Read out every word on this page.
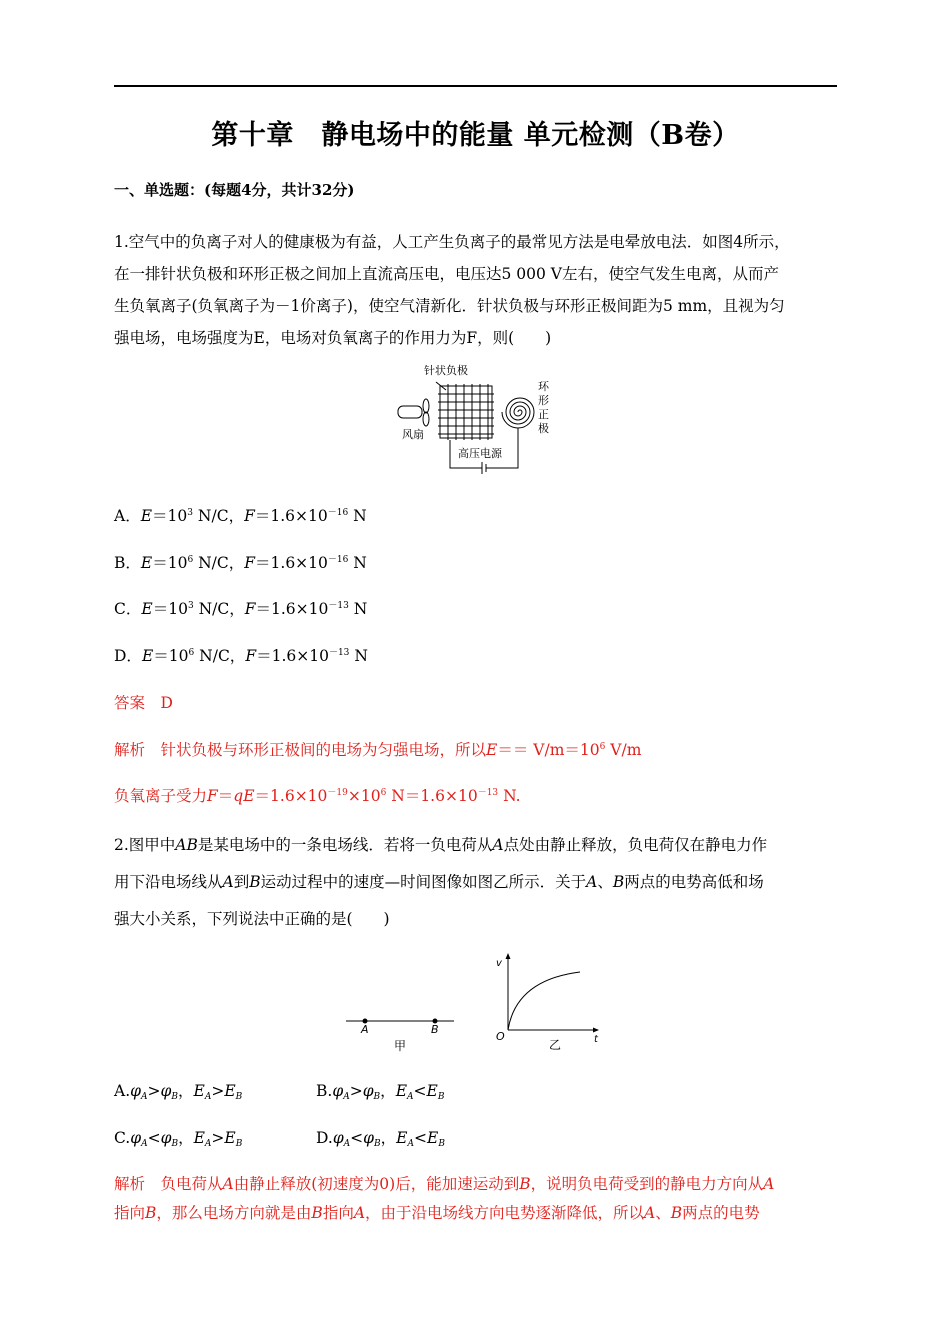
第十章　静电场中的能量 单元检测（B卷）
一、单选题：(每题4分，共计32分)
1.空气中的负离子对人的健康极为有益，人工产生负离子的最常见方法是电晕放电法．如图4所示，
在一排针状负极和环形正极之间加上直流高压电，电压达5 000 V左右，使空气发生电离，从而产
生负氧离子(负氧离子为－1价离子)，使空气清新化．针状负极与环形正极间距为5 mm，且视为匀
强电场，电场强度为E，电场对负氧离子的作用力为F，则(　　)
针状负极
风扇
环
形
正
极
高压电源
A．$E=10^3$ N/C，$F=1.6\times 10^{-16}$ N
B．$E=10^6$ N/C，$F=1.6\times 10^{-16}$ N
C．$E=10^3$ N/C，$F=1.6\times 10^{-13}$ N
D．$E=10^6$ N/C，$F=1.6\times 10^{-13}$ N
答案　 D
解析　针状负极与环形正极间的电场为匀强电场，所以$E== V/m=10^6$ V/m
负氧离子受力$F=qE=1.6\times 10^{-19}\times 10^6$ $N=1.6\times 10^{-13}$ N.
2.图甲中AB是某电场中的一条电场线．若将一负电荷从A点处由静止释放，负电荷仅在静电力作
用下沿电场线从A到B运动过程中的速度—时间图像如图乙所示．关于A、B两点的电势高低和场
强大小关系，下列说法中正确的是(　　)
A	B
甲
v
O	t
乙
$A.\varphi_A>\varphi_B$，$E_A>E_B$	$B.\varphi_A>\varphi_B$，$E_A<E_B$
$C.\varphi_A<\varphi_B$，$E_A>E_B$	$D.\varphi_A<\varphi_B$，$E_A<E_B$
解析　负电荷从A由静止释放(初速度为0)后，能加速运动到B，说明负电荷受到的静电力方向从A
指向B，那么电场方向就是由B指向A，由于沿电场线方向电势逐渐降低，所以A、B两点的电势
